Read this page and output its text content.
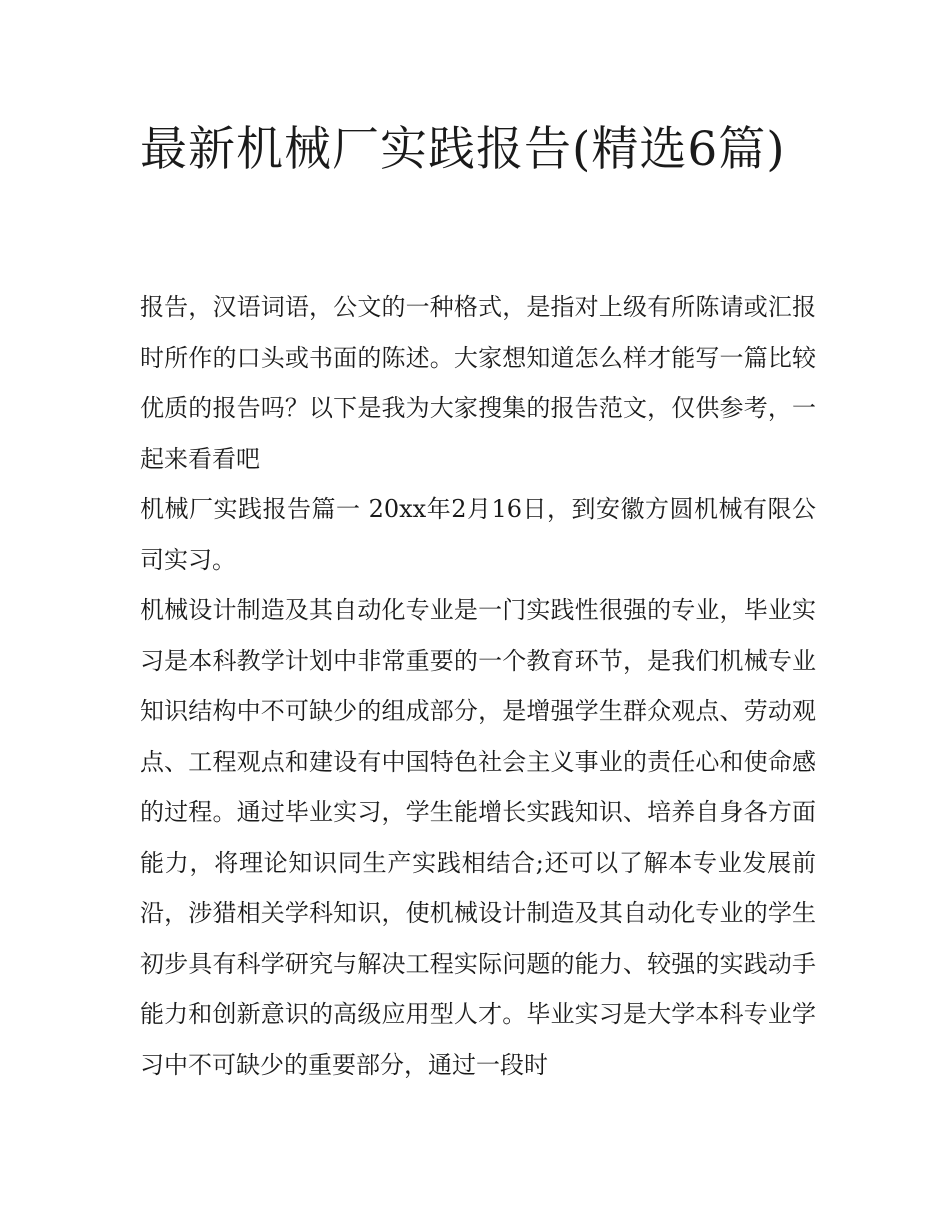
最新机械厂实践报告(精选6篇)

报告，汉语词语，公文的一种格式，是指对上级有所陈请或汇报时所作的口头或书面的陈述。大家想知道怎么样才能写一篇比较优质的报告吗？以下是我为大家搜集的报告范文，仅供参考，一起来看看吧

机械厂实践报告篇一 20xx年2月16日，到安徽方圆机械有限公司实习。

机械设计制造及其自动化专业是一门实践性很强的专业，毕业实习是本科教学计划中非常重要的一个教育环节，是我们机械专业知识结构中不可缺少的组成部分，是增强学生群众观点、劳动观点、工程观点和建设有中国特色社会主义事业的责任心和使命感的过程。通过毕业实习，学生能增长实践知识、培养自身各方面能力，将理论知识同生产实践相结合;还可以了解本专业发展前沿，涉猎相关学科知识，使机械设计制造及其自动化专业的学生初步具有科学研究与解决工程实际问题的能力、较强的实践动手能力和创新意识的高级应用型人才。毕业实习是大学本科专业学习中不可缺少的重要部分，通过一段时
